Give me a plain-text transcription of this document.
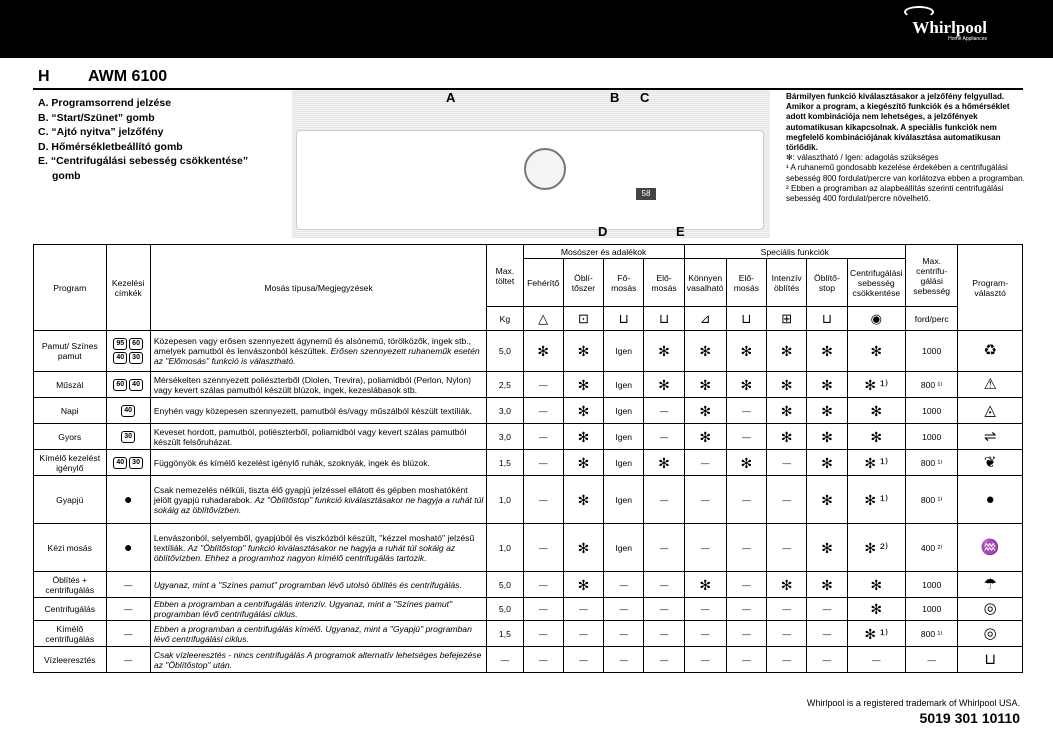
Whirlpool
Home Appliances
H AWM 6100
A. Programsorrend jelzése
B. “Start/Szünet” gomb
C. “Ajtó nyitva” jelzőfény
D. Hőmérsékletbeállító gomb
E. “Centrifugálási sebesség csökkentése”
gomb
A	B C
D	E
58
Bármilyen funkció kiválasztásakor a jelzőfény felgyullad.
Amikor a program, a kiegészítő funkciók és a hőmérséklet adott kombinációja nem lehetséges, a jelzőfények automatikusan kikapcsolnak. A speciális funkciók nem megfelelő kombinációjának kiválasztása automatikusan törlődik.
✻: választható / Igen: adagolás szükséges
¹ A ruhanemű gondosabb kezelése érdekében a centrifugálási sebesség 800 fordulat/percre van korlátozva ebben a programban.
² Ebben a programban az alapbeállítás szerinti centrifugálási sebesség 400 fordulat/percre növelhető.
Program	Kezelési címkék	Mosás típusa/Megjegyzések	Max. töltet	Mosószer és adalékok				Speciális funkciók					Max. centrifu-gálási sebesség	Program-választó
				Fehérítő	Öblí-tőszer	Fő-mosás	Elő-mosás	Könnyen vasalható	Elő-mosás	Intenzív öblítés	Öblítő-stop	Centrifugálási sebesség csökkentése		
			Kg	△	⊡	⊔	⊔	⊿	⊔	⊞	⊔	◉	ford/perc	
Pamut/ Színes pamut	95 6040 30	Közepesen vagy erősen szennyezett ágynemű és alsónemű, törölközők, ingek stb., amelyek pamutból és lenvászonból készültek. Erősen szennyezett ruhaneműk esetén az "Előmosás" funkció is választható.	5,0	✻	✻	Igen	✻	✻	✻	✻	✻	✻	1000	♻
Műszál	60 40	Mérsékelten szennyezett poliészterből (Diolen, Trevira), poliamidból (Perlon, Nylon) vagy kevert szálas pamutból készült blúzok, ingek, kezeslábasok stb.	2,5	—	✻	Igen	✻	✻	✻	✻	✻	✻ ¹⁾	800 ¹⁾	⚠
Napi	40	Enyhén vagy közepesen szennyezett, pamutból és/vagy műszálból készült textíliák.	3,0	—	✻	Igen	—	✻	—	✻	✻	✻	1000	◬
Gyors	30	Keveset hordott, pamutból, poliészterből, poliamidból vagy kevert szálas pamutból készült felsőruházat.	3,0	—	✻	Igen	—	✻	—	✻	✻	✻	1000	⇌
Kímélő kezelést igénylő	40 30	Függönyök és kímélő kezelést igénylő ruhák, szoknyák, ingek és blúzok.	1,5	—	✻	Igen	✻	—	✻	—	✻	✻ ¹⁾	800 ¹⁾	❦
Gyapjú	●	Csak nemezelés nélküli, tiszta élő gyapjú jelzéssel ellátott és gépben moshatóként jelölt gyapjú ruhadarabok. Az "Öblítőstop" funkció kiválasztásakor ne hagyja a ruhát túl sokáig az öblítővízben.	1,0	—	✻	Igen	—	—	—	—	✻	✻ ¹⁾	800 ¹⁾	●
Kézi mosás	●	Lenvászonból, selyemből, gyapjúból és viszkózból készült, "kézzel mosható" jelzésű textíliák. Az "Öblítőstop" funkció kiválasztásakor ne hagyja a ruhát túl sokáig az öblítővízben. Ehhez a programhoz nagyon kímélő centrifugálás tartozik.	1,0	—	✻	Igen	—	—	—	—	✻	✻ ²⁾	400 ²⁾	♒
Öblítés + centrifugálás	—	Ugyanaz, mint a "Színes pamut" programban lévő utolsó öblítés és centrifugálás.	5,0	—	✻	—	—	✻	—	✻	✻	✻	1000	☂
Centrifugálás	—	Ebben a programban a centrifugálás intenzív. Ugyanaz, mint a "Színes pamut" programban lévő centrifugálási ciklus.	5,0	—	—	—	—	—	—	—	—	✻	1000	◎
Kímélő centrifugálás	—	Ebben a programban a centrifugálás kímélő. Ugyanaz, mint a "Gyapjú" programban lévő centrifugálási ciklus.	1,5	—	—	—	—	—	—	—	—	✻ ¹⁾	800 ¹⁾	◎
Vízleeresztés	—	Csak vízleeresztés - nincs centrifugálás A programok alternatív lehetséges befejezése az "Öblítőstop" után.	—	—	—	—	—	—	—	—	—	—	—	⊔
Whirlpool is a registered trademark of Whirlpool USA.
5019 301 10110
